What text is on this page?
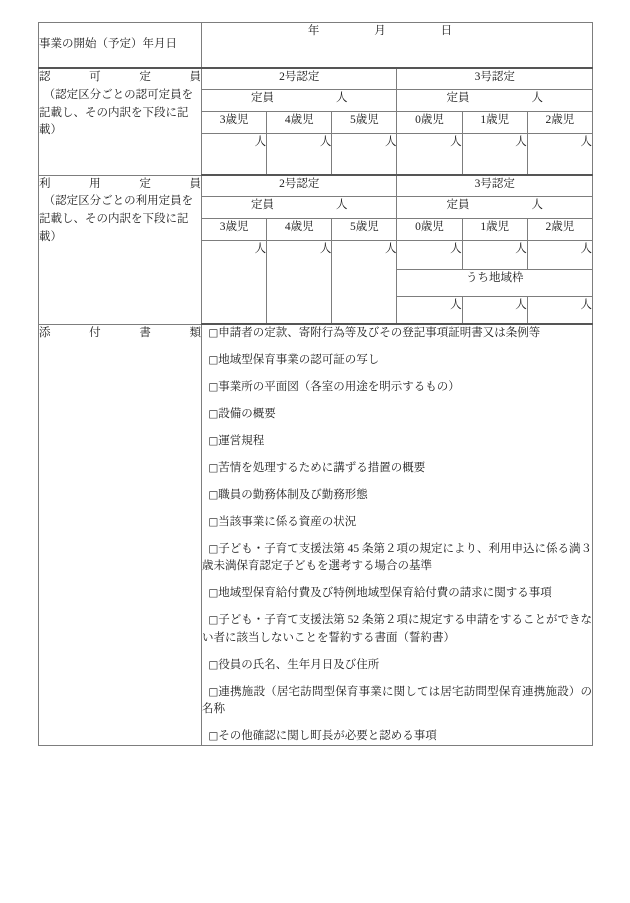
事業の開始（予定）年月日	年 月 日					

認可定員
（認定区分ごとの認可定員を記載し、その内訳を下段に記載）	2号認定			3号認定		

	定員 人			定員 人		

	3歳児	4歳児	5歳児	0歳児	1歳児	2歳児
	人	人	人	人	人	人

利用定員
（認定区分ごとの利用定員を記載し、その内訳を下段に記載）	2号認定			3号認定		

	定員 人			定員 人		

	3歳児	4歳児	5歳児	0歳児	1歳児	2歳児
	人	人	人	人	人	人
				うち地域枠		
				人	人	人

添付書類	□申請者の定款、寄附行為等及びその登記事項証明書又は条例等
□地域型保育事業の認可証の写し
□事業所の平面図（各室の用途を明示するもの）
□設備の概要
□運営規程
□苦情を処理するために講ずる措置の概要
□職員の勤務体制及び勤務形態
□当該事業に係る資産の状況
□子ども・子育て支援法第 45 条第２項の規定により、利用申込に係る満３歳未満保育認定子どもを選考する場合の基準
□地域型保育給付費及び特例地域型保育給付費の請求に関する事項
□子ども・子育て支援法第 52 条第２項に規定する申請をすることができない者に該当しないことを誓約する書面（誓約書）
□役員の氏名、生年月日及び住所
□連携施設（居宅訪問型保育事業に関しては居宅訪問型保育連携施設）の名称
□その他確認に関し町長が必要と認める事項
